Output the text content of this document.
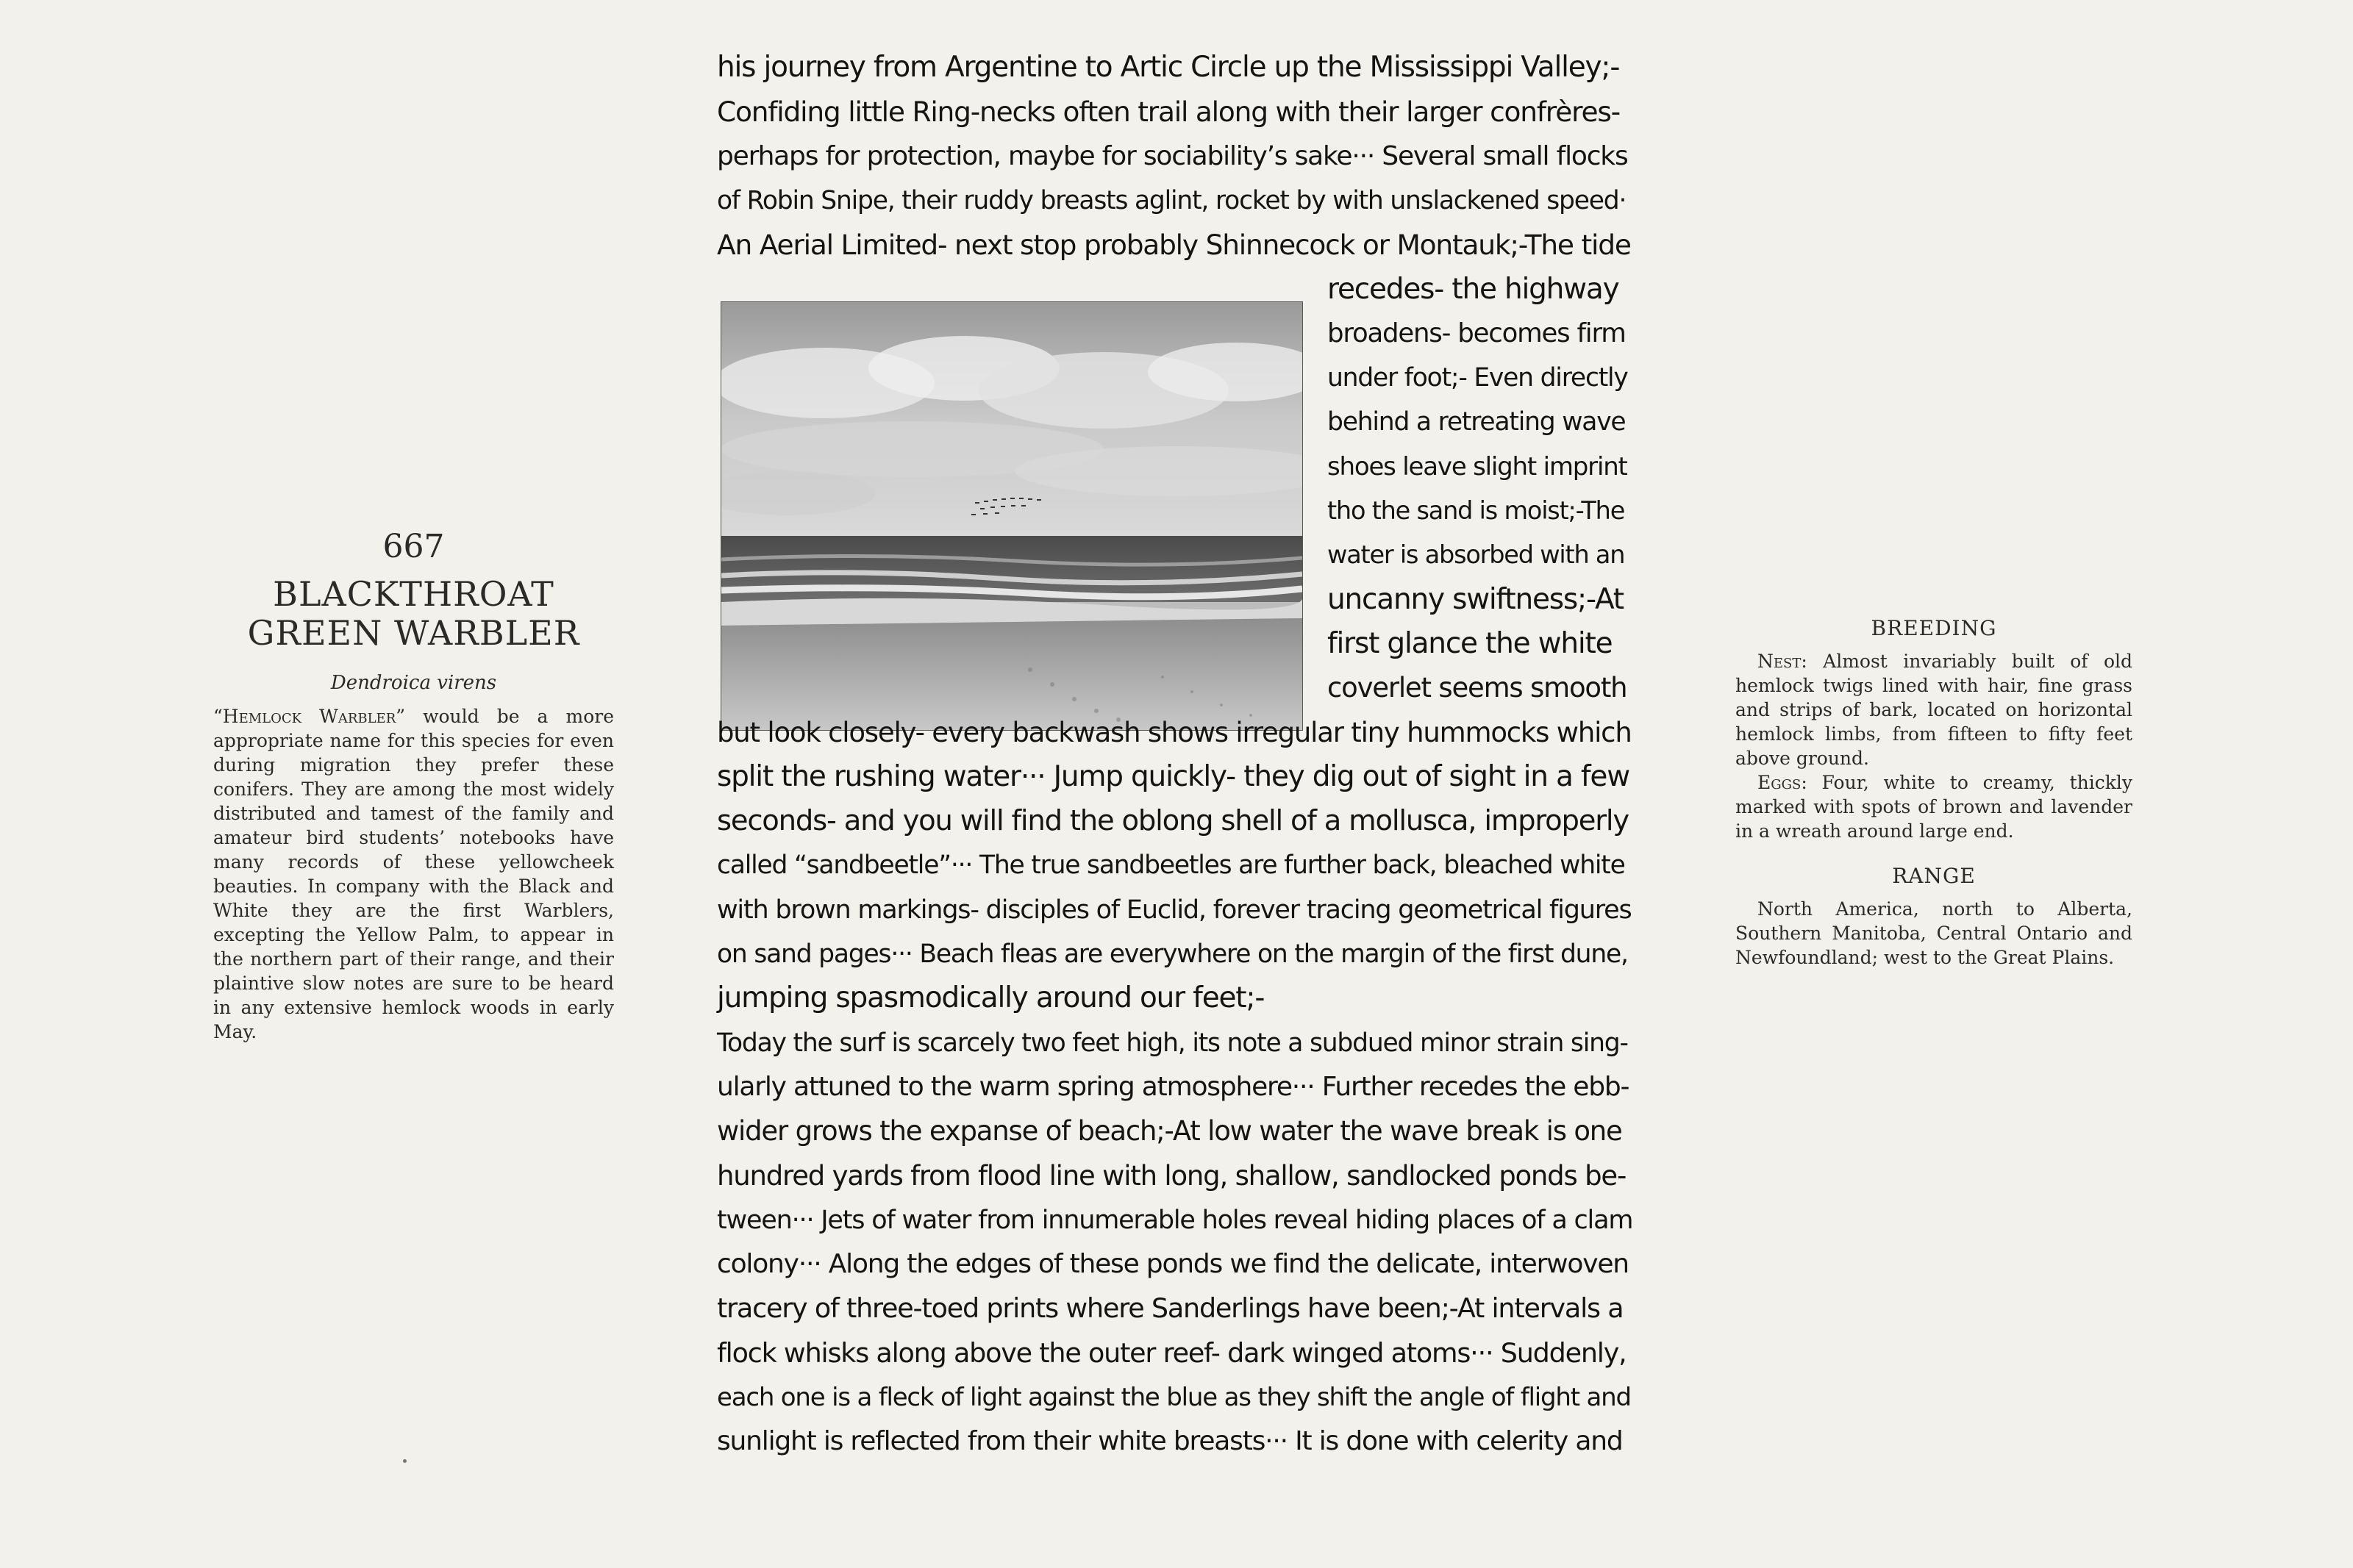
667
BLACKTHROAT
GREEN WARBLER
Dendroica virens

“Hemlock Warbler” would be a more appropriate name for this species for even during migration they prefer these conifers. They are among the most widely distributed and tamest of the family and amateur bird students’ notebooks have many records of these yellowcheek beauties. In company with the Black and White they are the first Warblers, excepting the Yellow Palm, to appear in the northern part of their range, and their plaintive slow notes are sure to be heard in any extensive hemlock woods in early May.

his journey from Argentine to Artic Circle up the Mississippi Valley;-
Confiding little Ring-necks often trail along with their larger confrères-
perhaps for protection, maybe for sociability’s sake··· Several small flocks
of Robin Snipe, their ruddy breasts aglint, rocket by with unslackened speed·
An Aerial Limited- next stop probably Shinnecock or Montauk;-The tide
recedes- the highway
broadens- becomes firm
under foot;- Even directly
behind a retreating wave
shoes leave slight imprint
tho the sand is moist;-The
water is absorbed with an
uncanny swiftness;-At
first glance the white
coverlet seems smooth
but look closely- every backwash shows irregular tiny hummocks which
split the rushing water··· Jump quickly- they dig out of sight in a few
seconds- and you will find the oblong shell of a mollusca, improperly
called “sandbeetle”··· The true sandbeetles are further back, bleached white
with brown markings- disciples of Euclid, forever tracing geometrical figures
on sand pages··· Beach fleas are everywhere on the margin of the first dune,
jumping spasmodically around our feet;-
Today the surf is scarcely two feet high, its note a subdued minor strain sing-
ularly attuned to the warm spring atmosphere··· Further recedes the ebb-
wider grows the expanse of beach;-At low water the wave break is one
hundred yards from flood line with long, shallow, sandlocked ponds be-
tween··· Jets of water from innumerable holes reveal hiding places of a clam
colony··· Along the edges of these ponds we find the delicate, interwoven
tracery of three-toed prints where Sanderlings have been;-At intervals a
flock whisks along above the outer reef- dark winged atoms··· Suddenly,
each one is a fleck of light against the blue as they shift the angle of flight and
sunlight is reflected from their white breasts··· It is done with celerity and
BREEDING

Nest: Almost invariably built of old hemlock twigs lined with hair, fine grass and strips of bark, located on horizontal hemlock limbs, from fifteen to fifty feet above ground.

Eggs: Four, white to creamy, thickly marked with spots of brown and lavender in a wreath around large end.

RANGE

North America, north to Alberta, Southern Manitoba, Central Ontario and Newfoundland; west to the Great Plains.
